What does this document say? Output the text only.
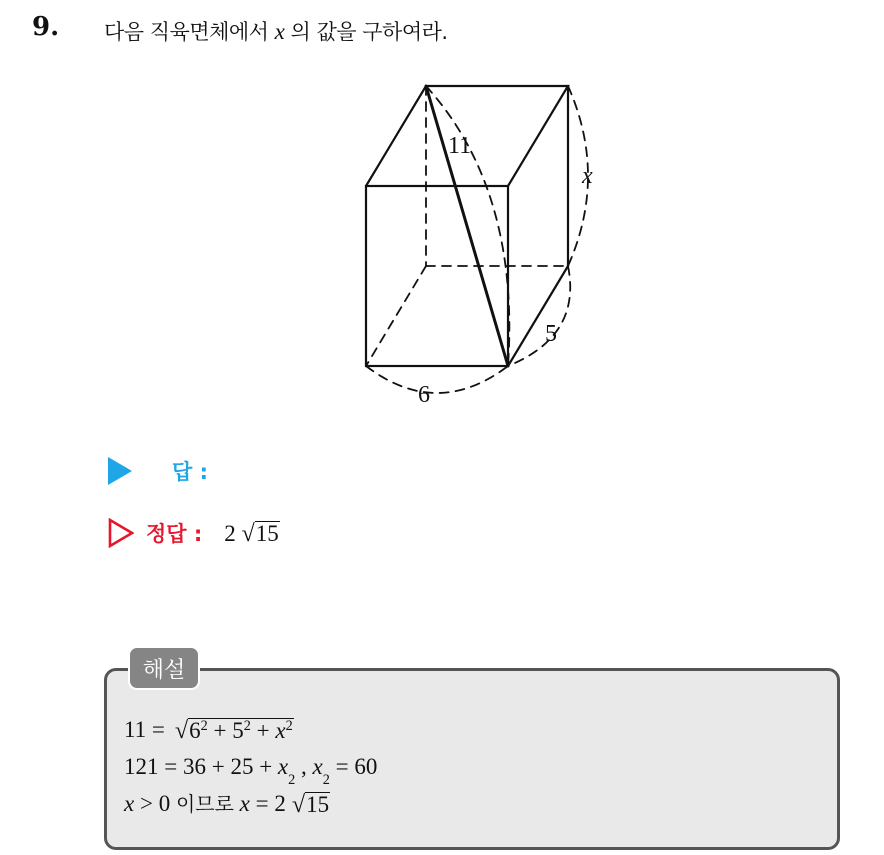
9. 다음 직육면체에서 x 의 값을 구하여라.
11
x
5
6
답 :
정답 : 2 √ 15
해설
11 = √ $6^2 + 5^2 + x^2$
121 = 36 + 25 + x
2
, x
2
= 60
x > 0 이므로
x = 2 √ 15
